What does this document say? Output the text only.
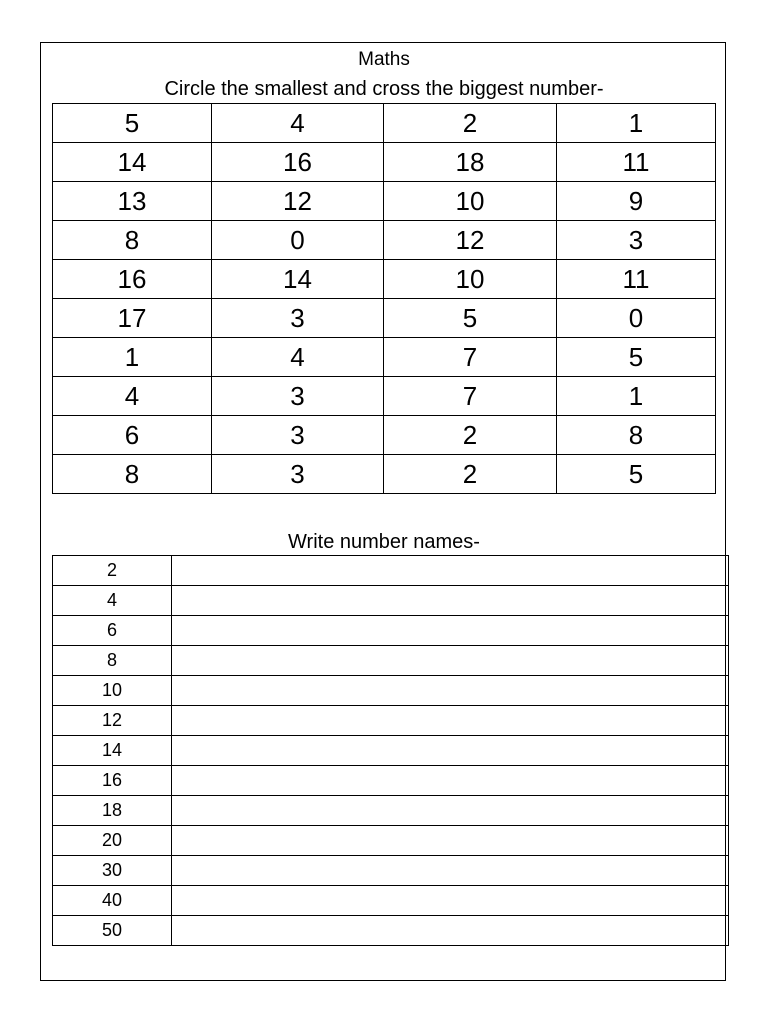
Maths
Circle the smallest and cross the biggest number-
5	4	2	1
14	16	18	11
13	12	10	9
8	0	12	3
16	14	10	11
17	3	5	0
1	4	7	5
4	3	7	1
6	3	2	8
8	3	2	5
Write number names-
2	
4	
6	
8	
10	
12	
14	
16	
18	
20	
30	
40	
50	
